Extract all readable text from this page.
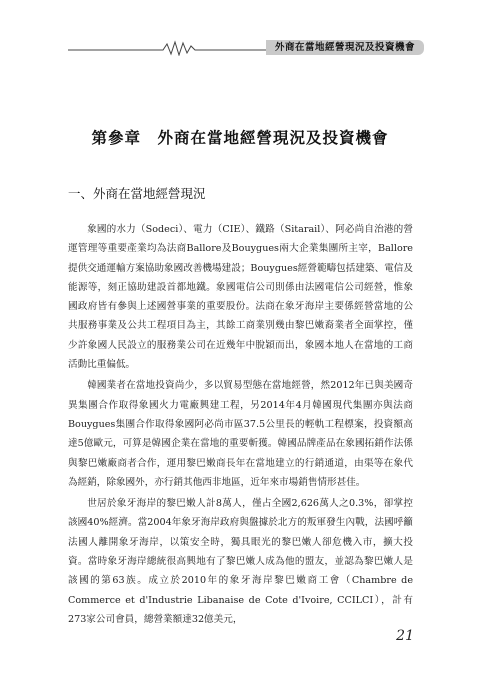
外商在當地經營現況及投資機會
第參章　外商在當地經營現況及投資機會
一、外商在當地經營現況

象國的水力（Sodeci）、電力（CIE）、鐵路（Sitarail）、阿必尚自治港的營運管理等重要產業均為法商Ballore及Bouygues兩大企業集團所主宰，Ballore提供交通運輸方案協助象國改善機場建設；Bouygues經營範疇包括建築、電信及能源等，刻正協助建設首都地鐵。象國電信公司則係由法國電信公司經營，惟象國政府皆有參與上述國營事業的重要股份。法商在象牙海岸主要係經營當地的公共服務事業及公共工程項目為主，其餘工商業別幾由黎巴嫩裔業者全面掌控，僅少許象國人民設立的服務業公司在近幾年中脫穎而出，象國本地人在當地的工商活動比重偏低。

韓國業者在當地投資尚少，多以貿易型態在當地經營，然2012年已與美國奇異集團合作取得象國火力電廠興建工程，另2014年4月韓國現代集團亦與法商Bouygues集團合作取得象國阿必尚市區37.5公里長的輕軌工程標案，投資額高達5億歐元，可算是韓國企業在當地的重要斬獲。韓國品牌產品在象國拓銷作法係與黎巴嫩廠商者合作，運用黎巴嫩商長年在當地建立的行銷通道，由渠等在象代為經銷，除象國外，亦行銷其他西非地區，近年來市場銷售情形甚佳。

世居於象牙海岸的黎巴嫩人計8萬人，僅占全國2,626萬人之0.3%，卻掌控該國40%經濟。當2004年象牙海岸政府與盤據於北方的叛軍發生內戰，法國呼籲法國人離開象牙海岸，以策安全時，獨具眼光的黎巴嫩人卻危機入市，擴大投資。當時象牙海岸總統很高興地有了黎巴嫩人成為他的盟友，並認為黎巴嫩人是該國的第63族。成立於2010年的象牙海岸黎巴嫩商工會（Chambre de Commerce et d'Industrie Libanaise de Cote d'Ivoire, CCILCI），計有273家公司會員，總營業額達32億美元，

21
